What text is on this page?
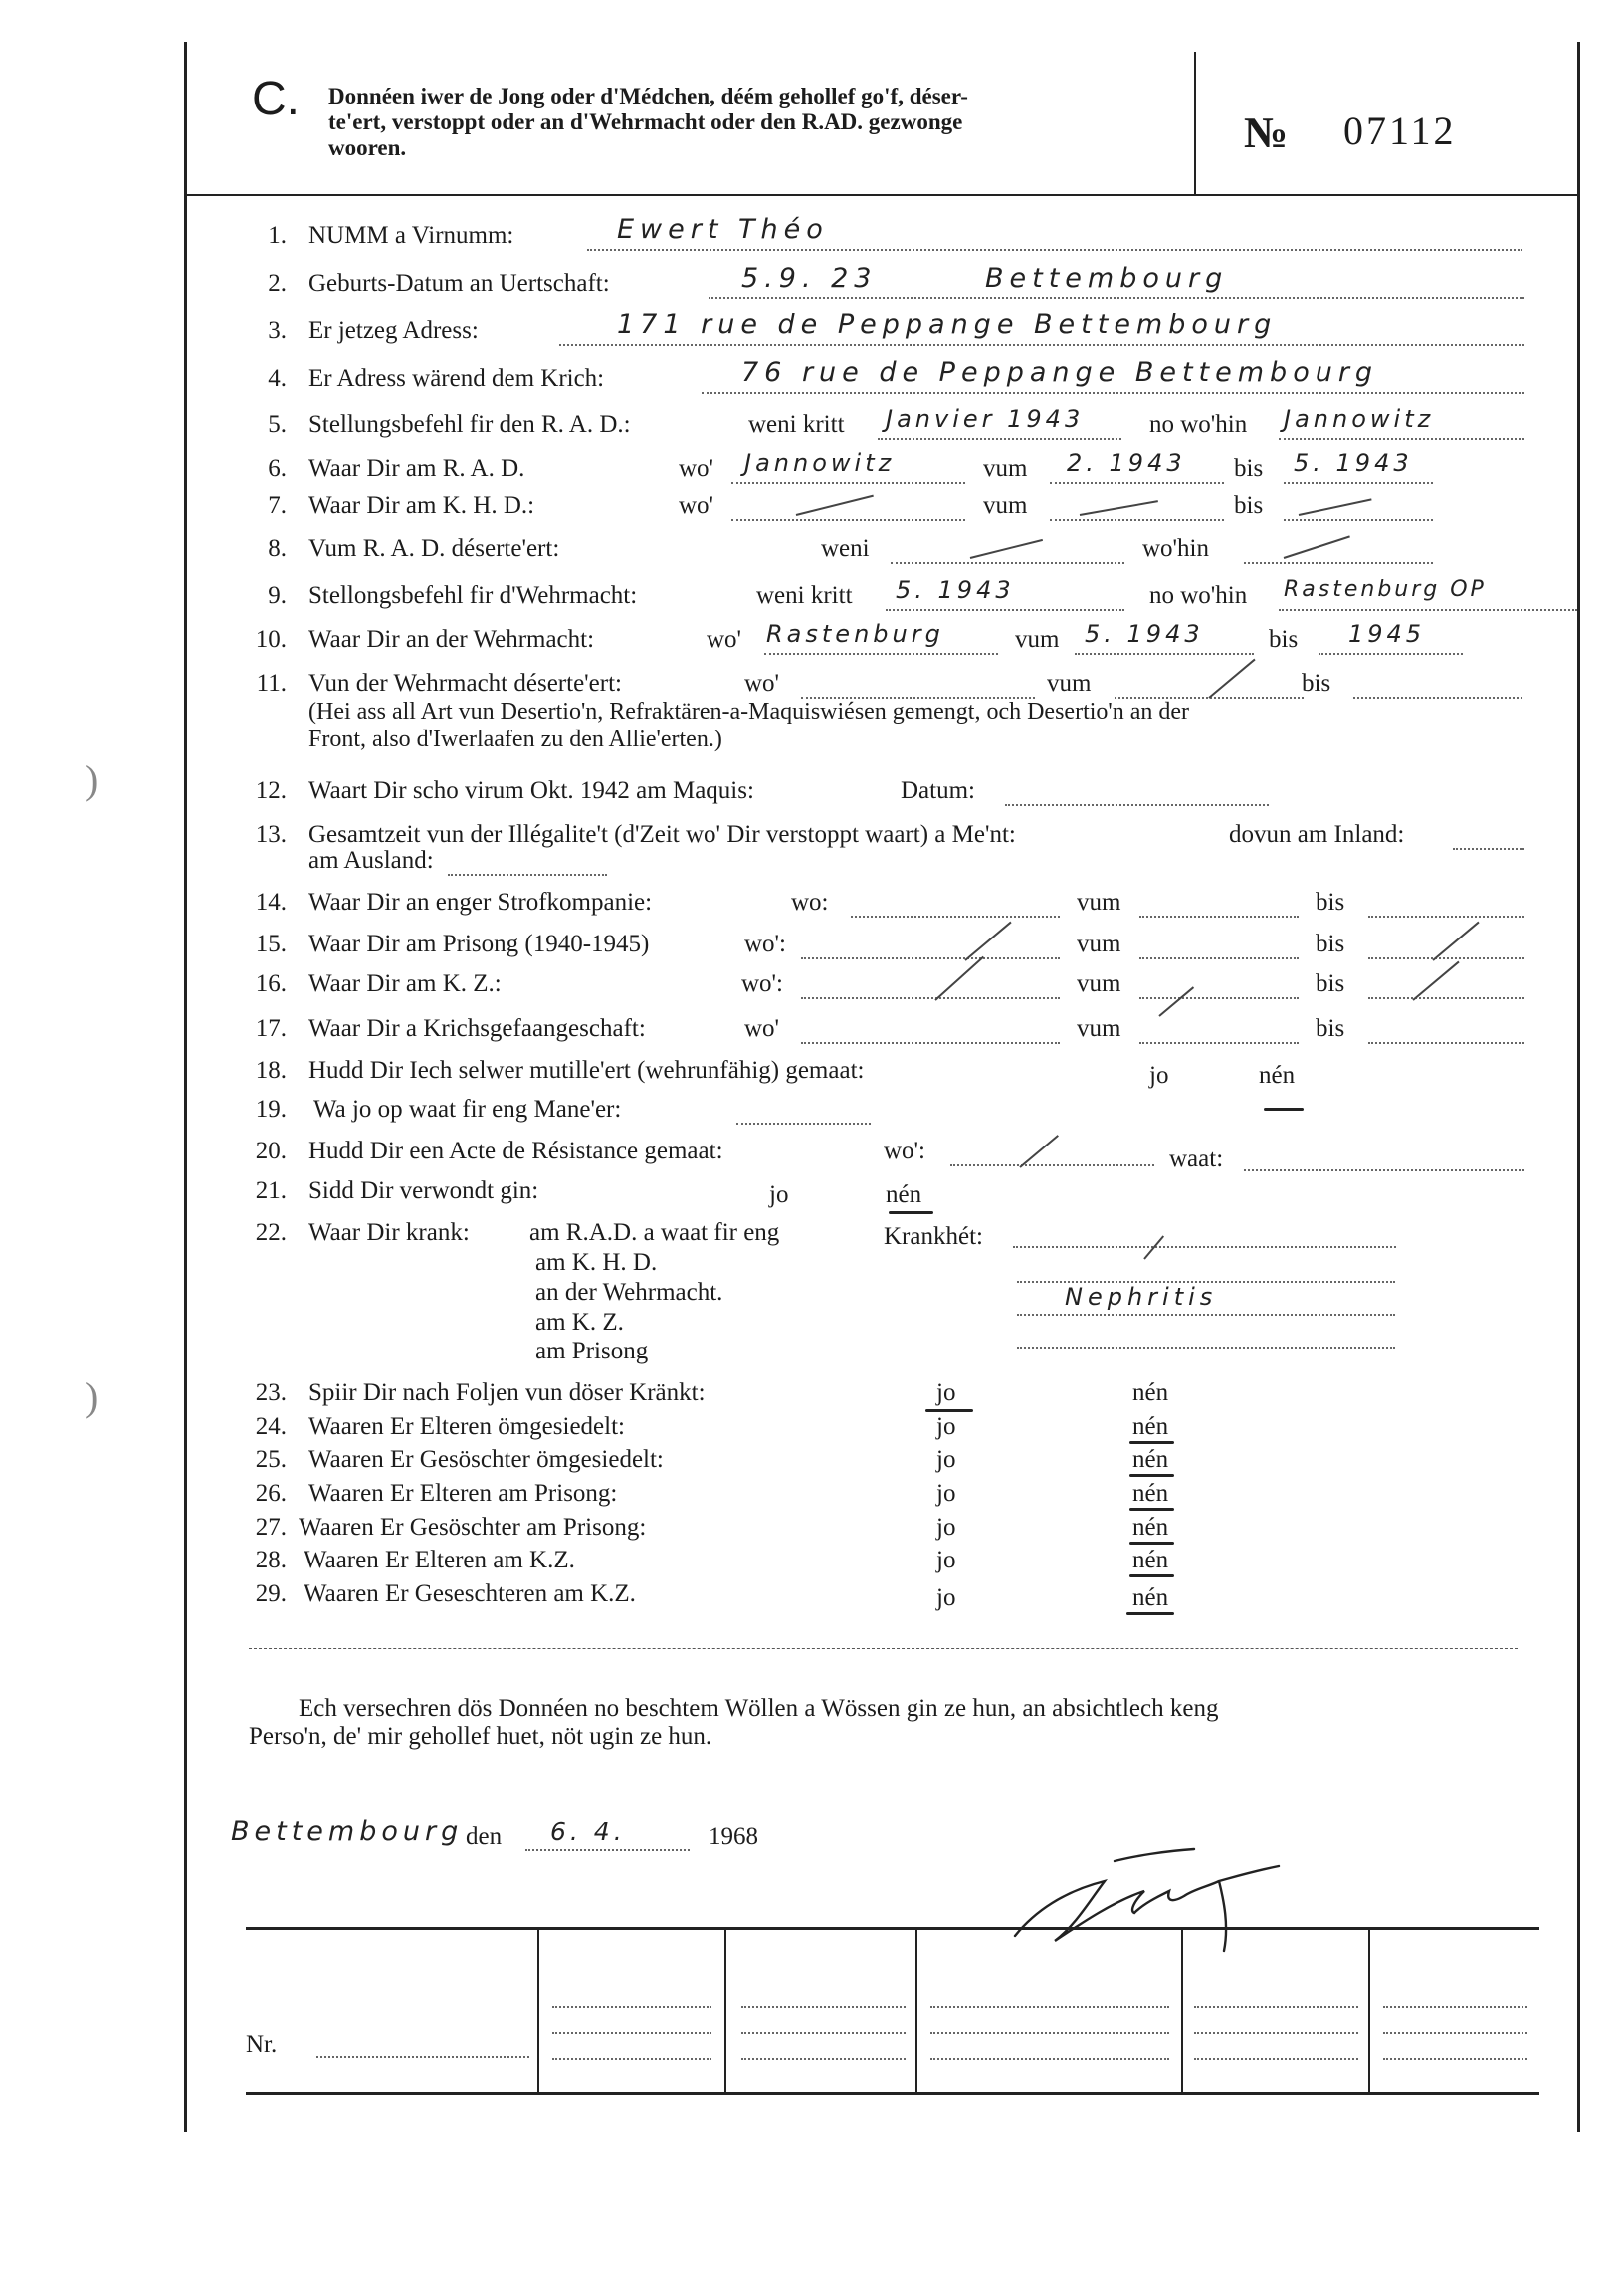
C. Donnéen iwer de Jong oder d'Médchen, déém gehollef go'f, déser-
te'ert, verstoppt oder an d'Wehrmacht oder den R.AD. gezwonge
wooren.	№ 07112
1. NUMM a Virnumm:	Ewert Théo
2. Geburts-Datum an Uertschaft:	5.9. 23	Bettembourg
3. Er jetzeg Adress:	171 rue de Peppange Bettembourg
4. Er Adress wärend dem Krich:	76 rue de Peppange Bettembourg
5. Stellungsbefehl fir den R. A. D.:	weni kritt Janvier 1943	no wo'hin Jannowitz
6. Waar Dir am R. A. D.	wo' Jannowitz	vum 2. 1943 bis 5. 1943
7. Waar Dir am K. H. D.:	wo'	vum	bis
8. Vum R. A. D. déserte'ert:	weni	wo'hin
9. Stellongsbefehl fir d'Wehrmacht:	weni kritt 5. 1943	no wo'hin Rastenburg OP
10. Waar Dir an der Wehrmacht:	wo' Rastenburg	vum 5. 1943	bis 1945
11. Vun der Wehrmacht déserte'ert:	wo'	vum	bis
(Hei ass all Art vun Desertio'n, Refraktären-a-Maquiswiésen gemengt, och Desertio'n an der
Front, also d'Iwerlaafen zu den Allie'erten.)
12. Waart Dir scho virum Okt. 1942 am Maquis:	Datum:
13. Gesamtzeit vun der Illégalite't (d'Zeit wo' Dir verstoppt waart) a Me'nt:	dovun am Inland:
am Ausland:
14. Waar Dir an enger Strofkompanie:	wo:	vum	bis
15. Waar Dir am Prisong (1940-1945)	wo':	vum	bis
16. Waar Dir am K. Z.:	wo':	vum	bis
17. Waar Dir a Krichsgefaangeschaft:	wo'	vum	bis
18. Hudd Dir Iech selwer mutille'ert (wehrunfähig) gemaat:	jo	nén
19. Wa jo op waat fir eng Mane'er:
20. Hudd Dir een Acte de Résistance gemaat:	wo':	waat:
21. Sidd Dir verwondt gin:	jo	nén
22. Waar Dir krank: am R.A.D. a waat fir eng	Krankhét:
am K. H. D.
an der Wehrmacht.
am K. Z.
am Prisong
Nephritis
23. Spiir Dir nach Foljen vun döser Kränkt:	jo	nén
24. Waaren Er Elteren ömgesiedelt:	jo	nén
25. Waaren Er Gesöschter ömgesiedelt:	jo	nén
26. Waaren Er Elteren am Prisong:	jo	nén
27. Waaren Er Gesöschter am Prisong:	jo	nén
28. Waaren Er Elteren am K.Z.	jo	nén
29. Waaren Er Geseschteren am K.Z.	jo	nén
Ech versechren dös Donnéen no beschtem Wöllen a Wössen gin ze hun, an absichtlech keng
Perso'n, de' mir gehollef huet, nöt ugin ze hun.
Bettembourg den 6. 4.	1968
Nr.
)
)
